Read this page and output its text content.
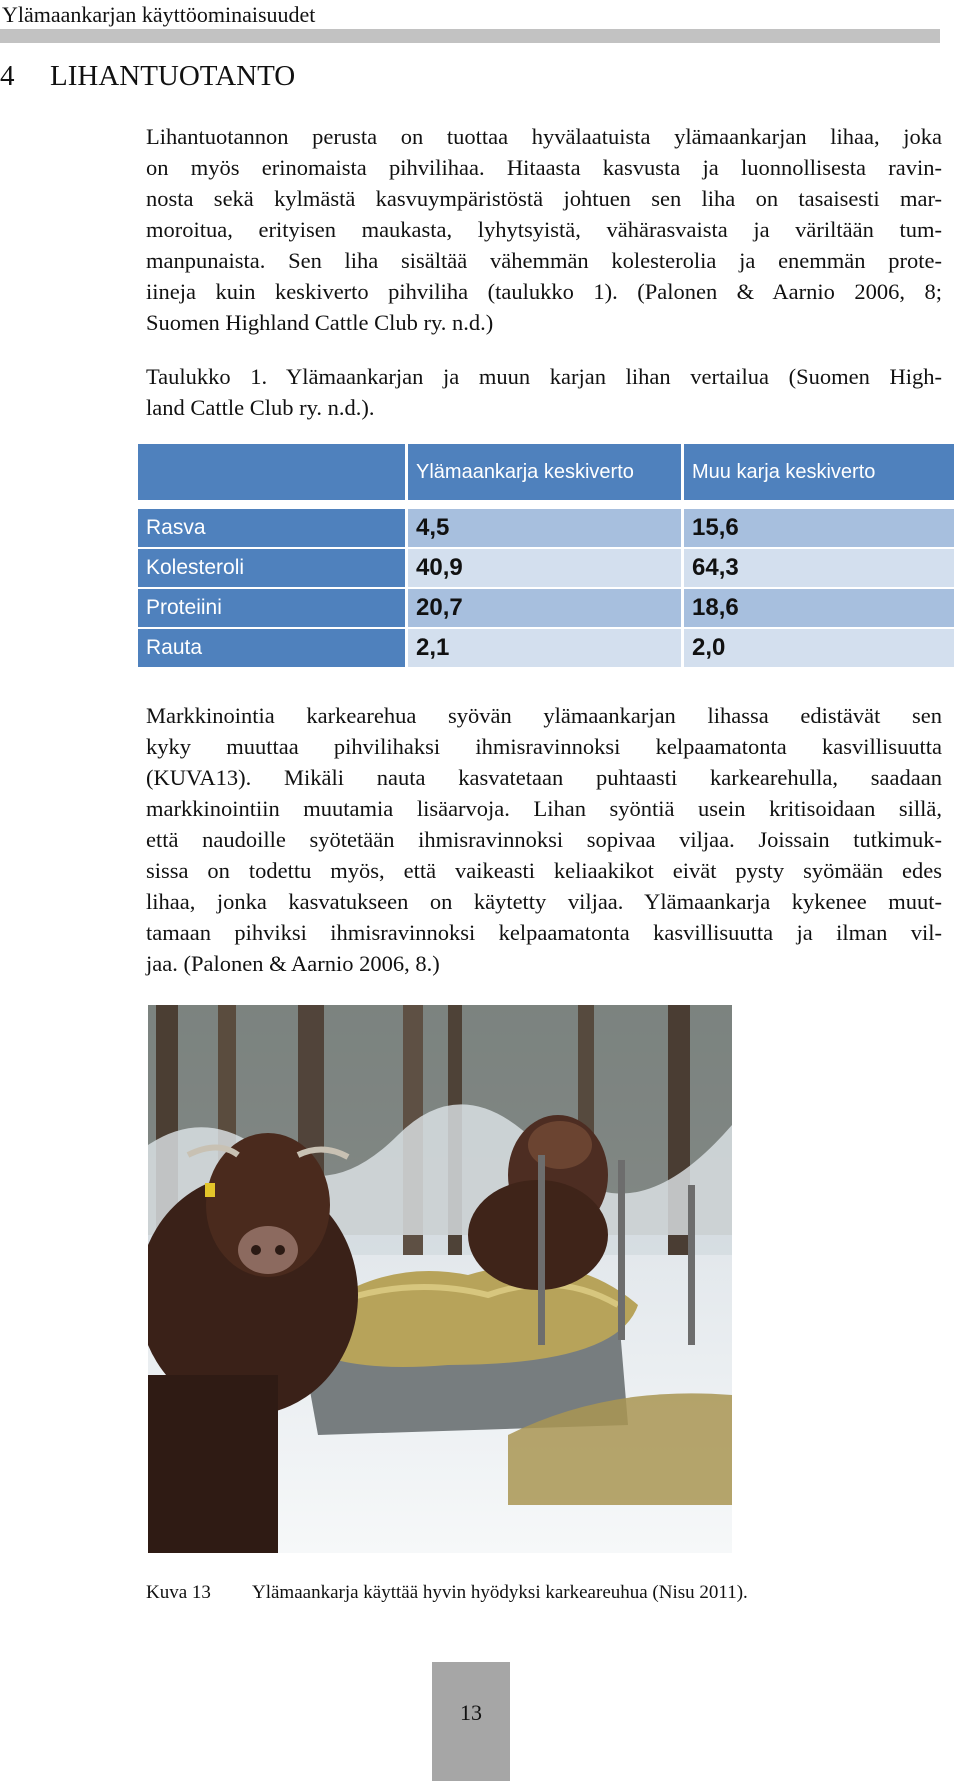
Ylämaankarjan käyttöominaisuudet
4 LIHANTUOTANTO

Lihantuotannon perusta on tuottaa hyvälaatuista ylämaankarjan lihaa, joka
on myös erinomaista pihvilihaa. Hitaasta kasvusta ja luonnollisesta ravin-
nosta sekä kylmästä kasvuympäristöstä johtuen sen liha on tasaisesti mar-
moroitua, erityisen maukasta, lyhytsyistä, vähärasvaista ja väriltään tum-
manpunaista. Sen liha sisältää vähemmän kolesterolia ja enemmän prote-
iineja kuin keskiverto pihviliha (taulukko 1). (Palonen & Aarnio 2006, 8;
Suomen Highland Cattle Club ry. n.d.)

Taulukko 1. Ylämaankarjan ja muun karjan lihan vertailua (Suomen High-
land Cattle Club ry. n.d.).

	Ylämaankarja keskiverto	Muu karja keskiverto

Rasva	4,5	15,6
Kolesteroli	40,9	64,3
Proteiini	20,7	18,6
Rauta	2,1	2,0

Markkinointia karkearehua syövän ylämaankarjan lihassa edistävät sen
kyky muuttaa pihvilihaksi ihmisravinnoksi kelpaamatonta kasvillisuutta
(KUVA13). Mikäli nauta kasvatetaan puhtaasti karkearehulla, saadaan
markkinointiin muutamia lisäarvoja. Lihan syöntiä usein kritisoidaan sillä,
että naudoille syötetään ihmisravinnoksi sopivaa viljaa. Joissain tutkimuk-
sissa on todettu myös, että vaikeasti keliaakikot eivät pysty syömään edes
lihaa, jonka kasvatukseen on käytetty viljaa. Ylämaankarja kykenee muut-
tamaan pihviksi ihmisravinnoksi kelpaamatonta kasvillisuutta ja ilman vil-
jaa. (Palonen & Aarnio 2006, 8.)

Kuva 13 Ylämaankarja käyttää hyvin hyödyksi karkeareuhua (Nisu 2011).
13
